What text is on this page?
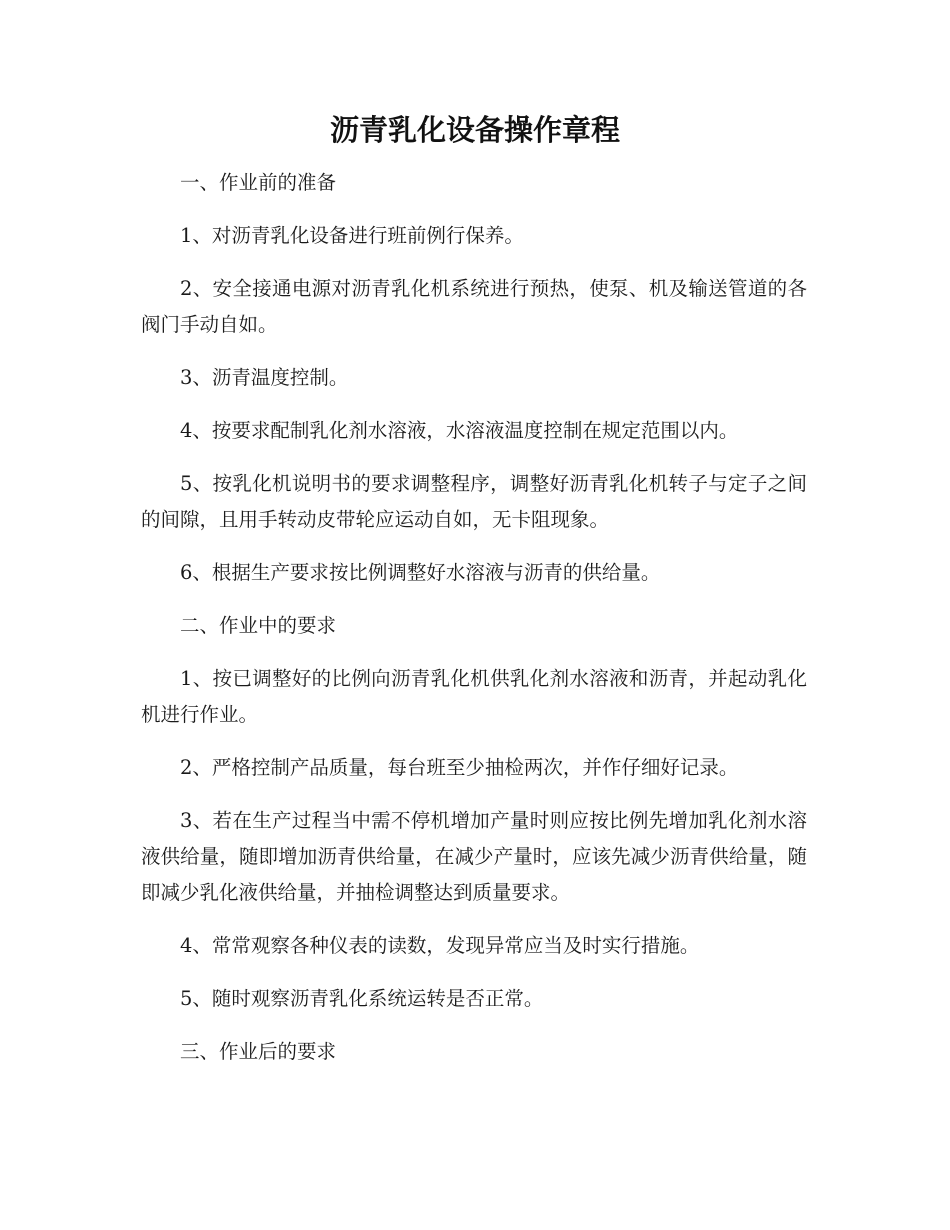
沥青乳化设备操作章程

一、作业前的准备

1、对沥青乳化设备进行班前例行保养。

2、安全接通电源对沥青乳化机系统进行预热，使泵、机及输送管道的各阀门手动自如。

3、沥青温度控制。

4、按要求配制乳化剂水溶液，水溶液温度控制在规定范围以内。

5、按乳化机说明书的要求调整程序，调整好沥青乳化机转子与定子之间的间隙，且用手转动皮带轮应运动自如，无卡阻现象。

6、根据生产要求按比例调整好水溶液与沥青的供给量。

二、作业中的要求

1、按已调整好的比例向沥青乳化机供乳化剂水溶液和沥青，并起动乳化机进行作业。

2、严格控制产品质量，每台班至少抽检两次，并作仔细好记录。

3、若在生产过程当中需不停机增加产量时则应按比例先增加乳化剂水溶液供给量，随即增加沥青供给量，在减少产量时，应该先减少沥青供给量，随即减少乳化液供给量，并抽检调整达到质量要求。

4、常常观察各种仪表的读数，发现异常应当及时实行措施。

5、随时观察沥青乳化系统运转是否正常。

三、作业后的要求
